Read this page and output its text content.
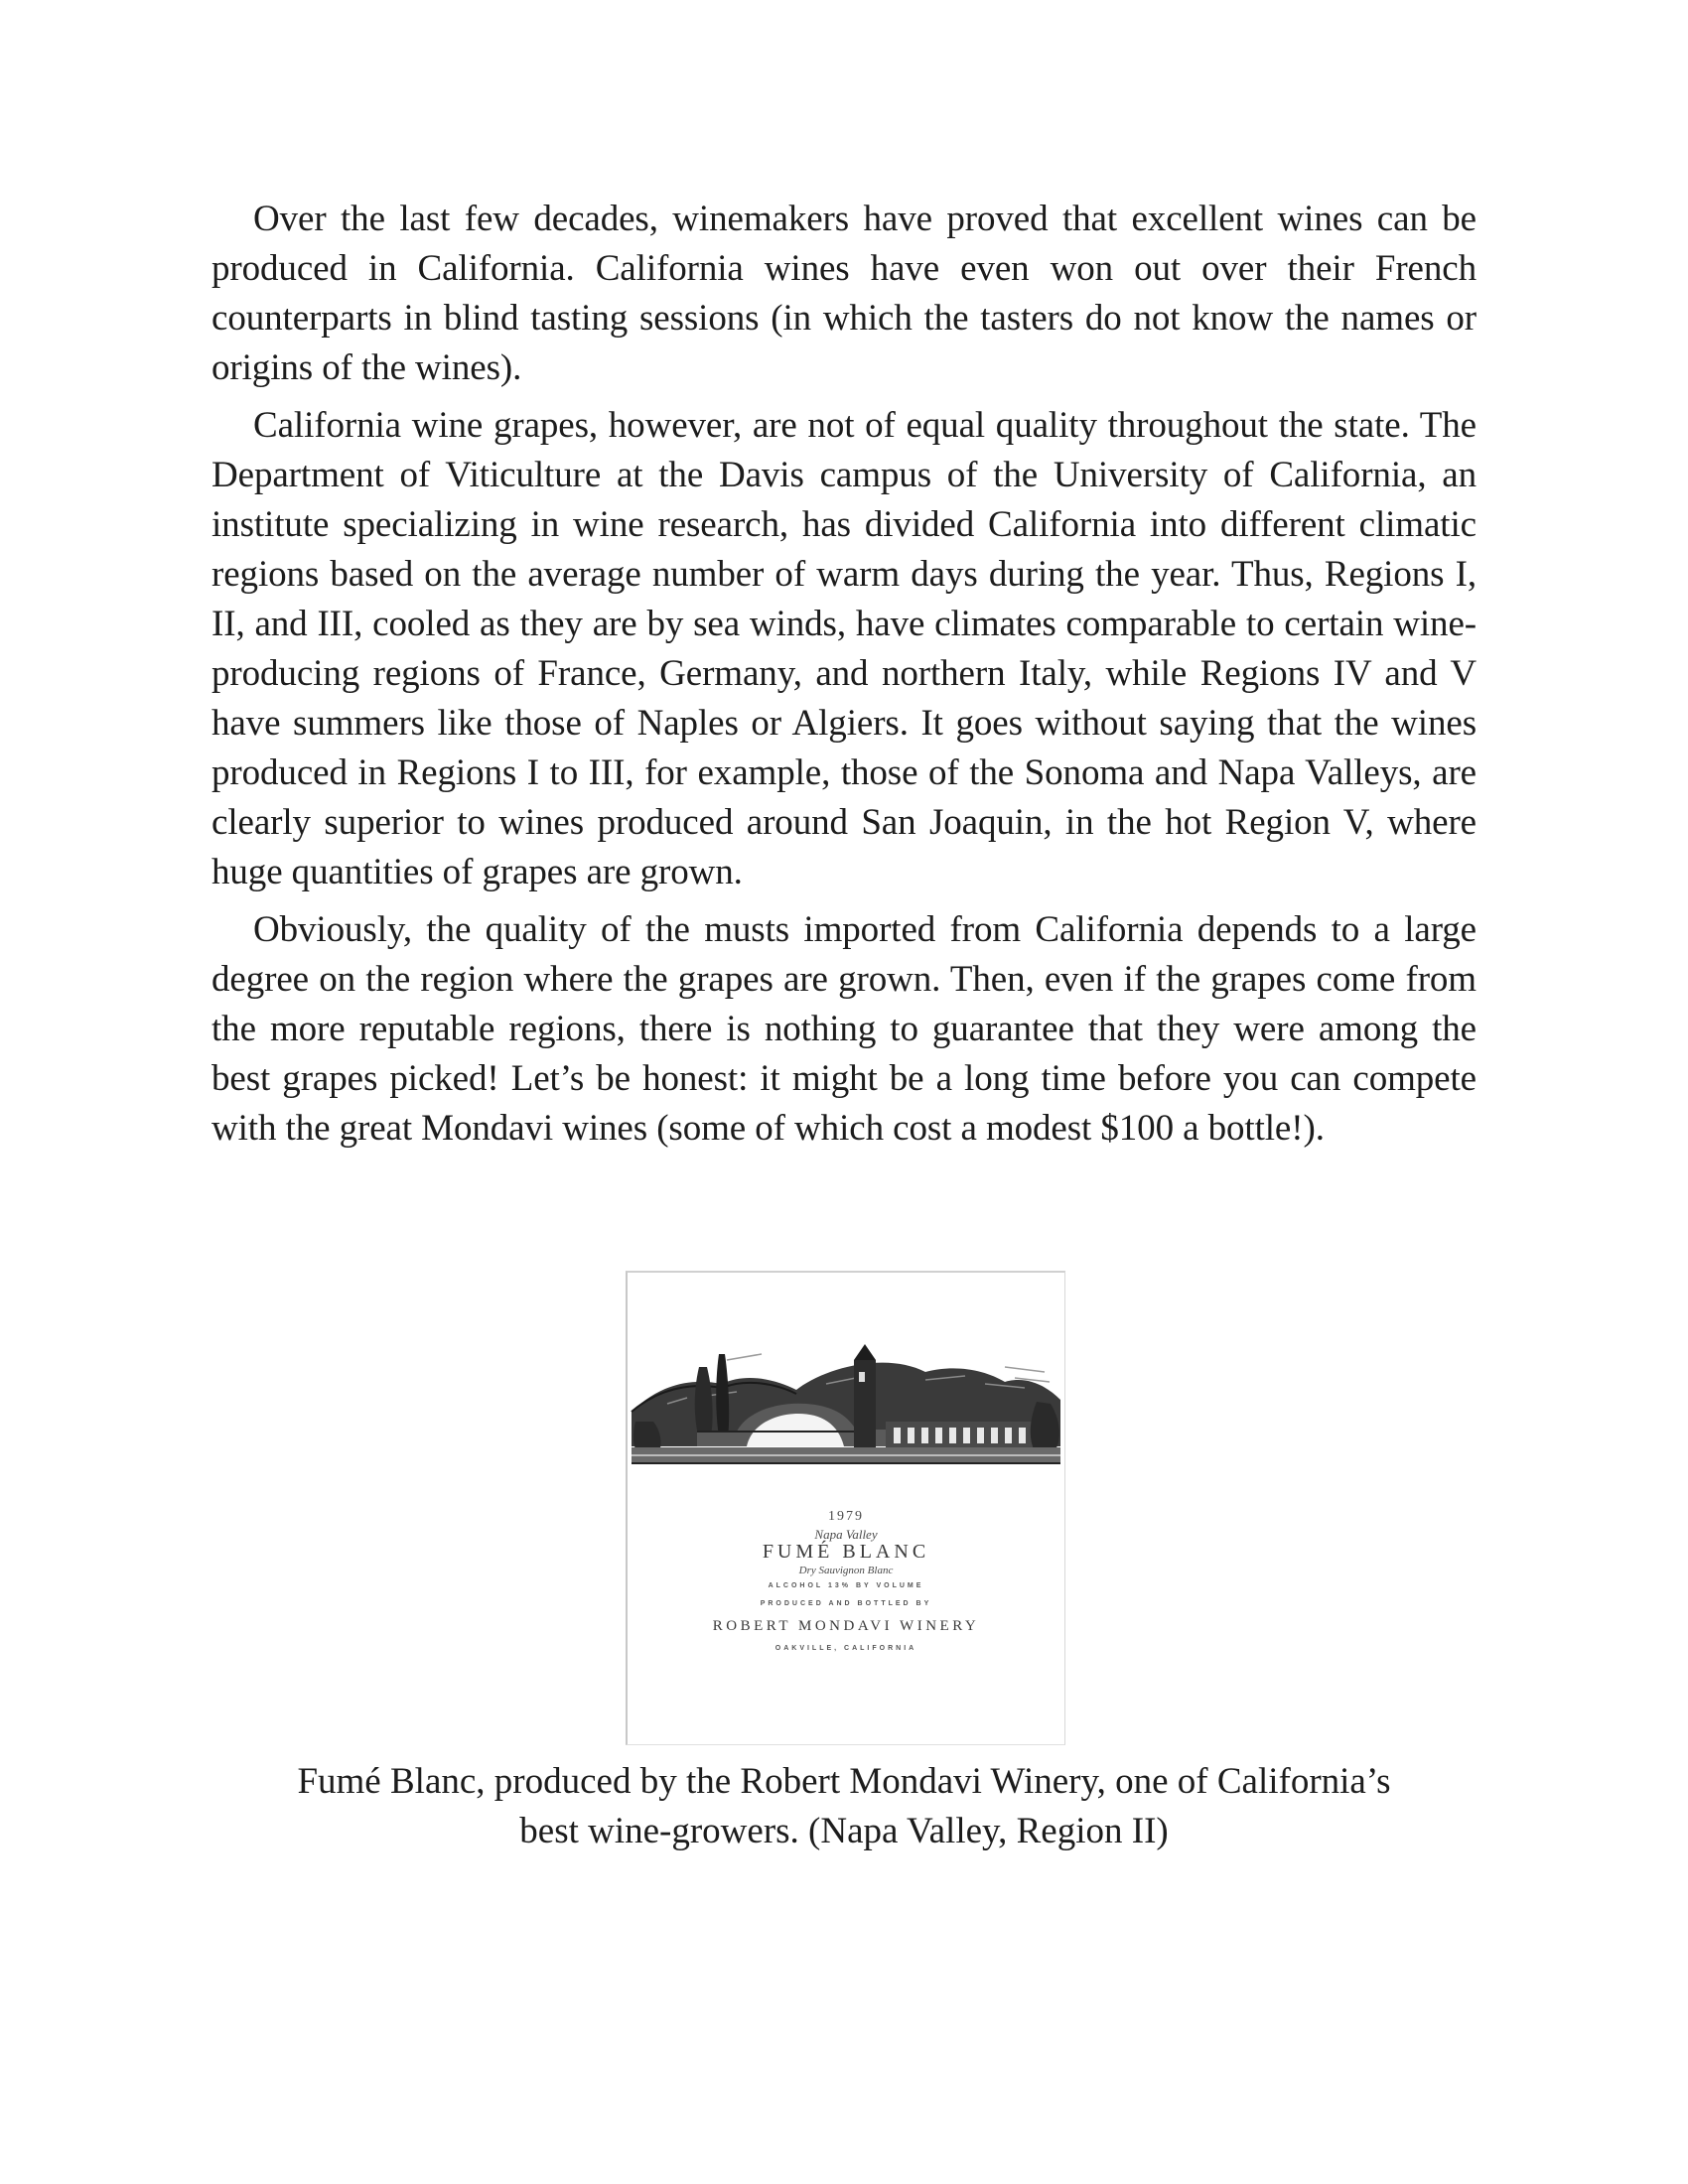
Over the last few decades, winemakers have proved that excellent wines can be produced in California. California wines have even won out over their French counterparts in blind tasting sessions (in which the tasters do not know the names or origins of the wines).

California wine grapes, however, are not of equal quality throughout the state. The Department of Viticulture at the Davis campus of the University of California, an institute specializing in wine research, has divided California into different climatic regions based on the average number of warm days during the year. Thus, Regions I, II, and III, cooled as they are by sea winds, have climates comparable to certain wine-producing regions of France, Germany, and northern Italy, while Regions IV and V have summers like those of Naples or Algiers. It goes without saying that the wines produced in Regions I to III, for example, those of the Sonoma and Napa Valleys, are clearly superior to wines produced around San Joaquin, in the hot Region V, where huge quantities of grapes are grown.

Obviously, the quality of the musts imported from California depends to a large degree on the region where the grapes are grown. Then, even if the grapes come from the more reputable regions, there is nothing to guarantee that they were among the best grapes picked! Let’s be honest: it might be a long time before you can compete with the great Mondavi wines (some of which cost a modest $100 a bottle!).

1979
Napa Valley
FUMÉ BLANC
Dry Sauvignon Blanc
ALCOHOL 13% BY VOLUME
PRODUCED AND BOTTLED BY
ROBERT MONDAVI WINERY
OAKVILLE, CALIFORNIA

Fumé Blanc, produced by the Robert Mondavi Winery, one of California’s
best wine-growers. (Napa Valley, Region II)
